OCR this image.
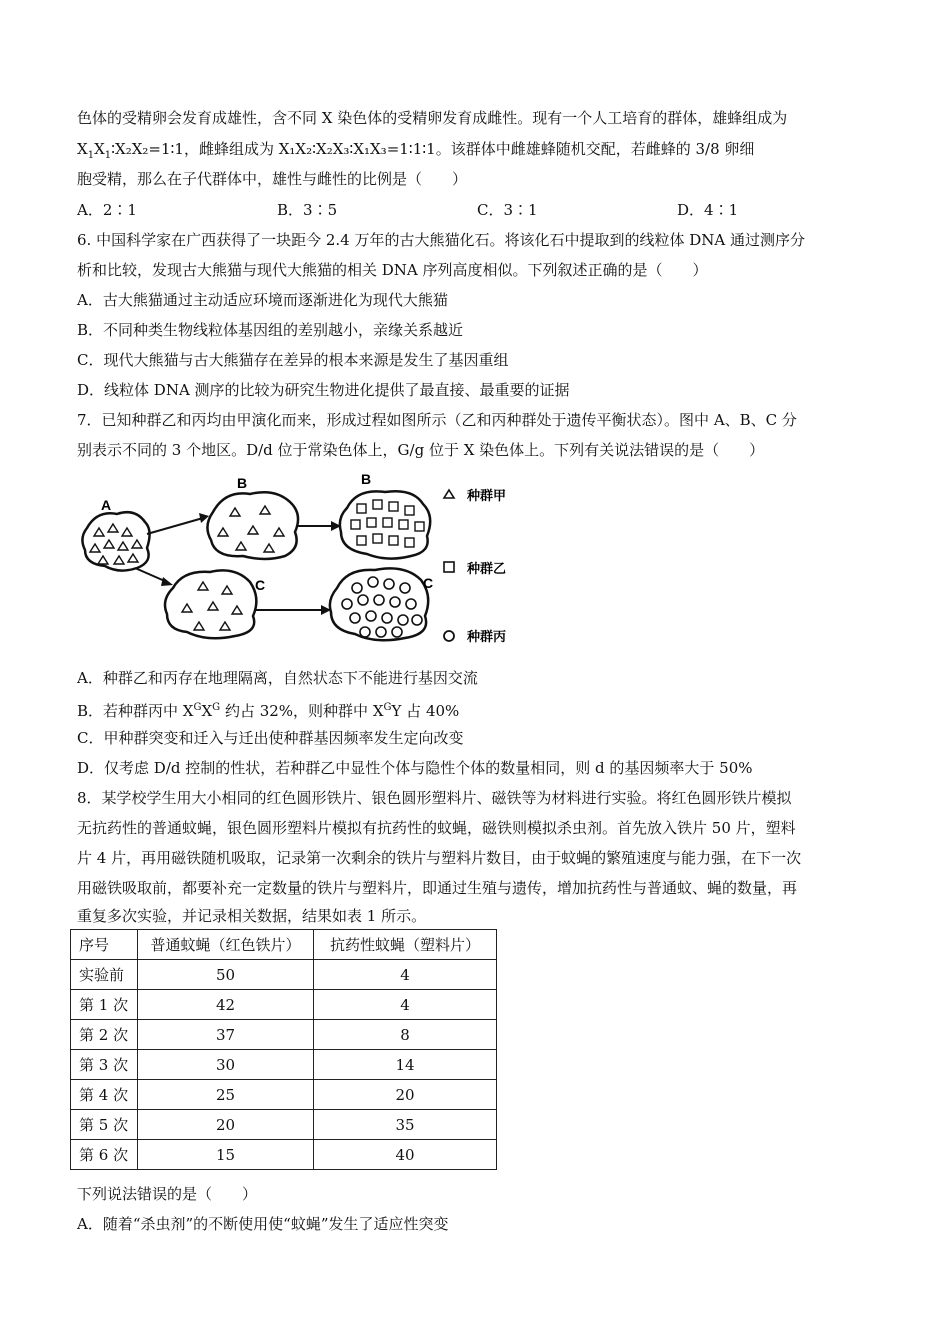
色体的受精卵会发育成雄性，含不同 X 染色体的受精卵发育成雌性。现有一个人工培育的群体，雄蜂组成为
$X_1X_1∶X_2X_2=1∶1$，雌蜂组成为 X₁X₂∶X₂X₃∶X₁X₃=1∶1∶1。该群体中雌雄蜂随机交配，若雌蜂的 3/8 卵细
胞受精，那么在子代群体中，雄性与雌性的比例是（　　）
A．2∶1	B．3∶5	C．3∶1	D．4∶1
6. 中国科学家在广西获得了一块距今 2.4 万年的古大熊猫化石。将该化石中提取到的线粒体 DNA 通过测序分
析和比较，发现古大熊猫与现代大熊猫的相关 DNA 序列高度相似。下列叙述正确的是（　　）
A．古大熊猫通过主动适应环境而逐渐进化为现代大熊猫
B．不同种类生物线粒体基因组的差别越小，亲缘关系越近
C．现代大熊猫与古大熊猫存在差异的根本来源是发生了基因重组
D．线粒体 DNA 测序的比较为研究生物进化提供了最直接、最重要的证据
7．已知种群乙和丙均由甲演化而来，形成过程如图所示（乙和丙种群处于遗传平衡状态）。图中 A、B、C 分
别表示不同的 3 个地区。D/d 位于常染色体上，G/g 位于 X 染色体上。下列有关说法错误的是（　　）
A
B	B
C	C
种群甲
种群乙
种群丙
A．种群乙和丙存在地理隔离，自然状态下不能进行基因交流
B．若种群丙中 $X^GX^G$ 约占 32%，则种群中 $X^GY$ 占 40%
C．甲种群突变和迁入与迁出使种群基因频率发生定向改变
D．仅考虑 D/d 控制的性状，若种群乙中显性个体与隐性个体的数量相同，则 d 的基因频率大于 50%
8．某学校学生用大小相同的红色圆形铁片、银色圆形塑料片、磁铁等为材料进行实验。将红色圆形铁片模拟
无抗药性的普通蚊蝇，银色圆形塑料片模拟有抗药性的蚊蝇，磁铁则模拟杀虫剂。首先放入铁片 50 片，塑料
片 4 片，再用磁铁随机吸取，记录第一次剩余的铁片与塑料片数目，由于蚊蝇的繁殖速度与能力强，在下一次
用磁铁吸取前，都要补充一定数量的铁片与塑料片，即通过生殖与遗传，增加抗药性与普通蚊、蝇的数量，再
重复多次实验，并记录相关数据，结果如表 1 所示。
序号	普通蚊蝇（红色铁片）	抗药性蚊蝇（塑料片）
实验前	50	4
第 1 次	42	4
第 2 次	37	8
第 3 次	30	14
第 4 次	25	20
第 5 次	20	35
第 6 次	15	40
下列说法错误的是（　　）
A．随着“杀虫剂”的不断使用使“蚊蝇”发生了适应性突变
